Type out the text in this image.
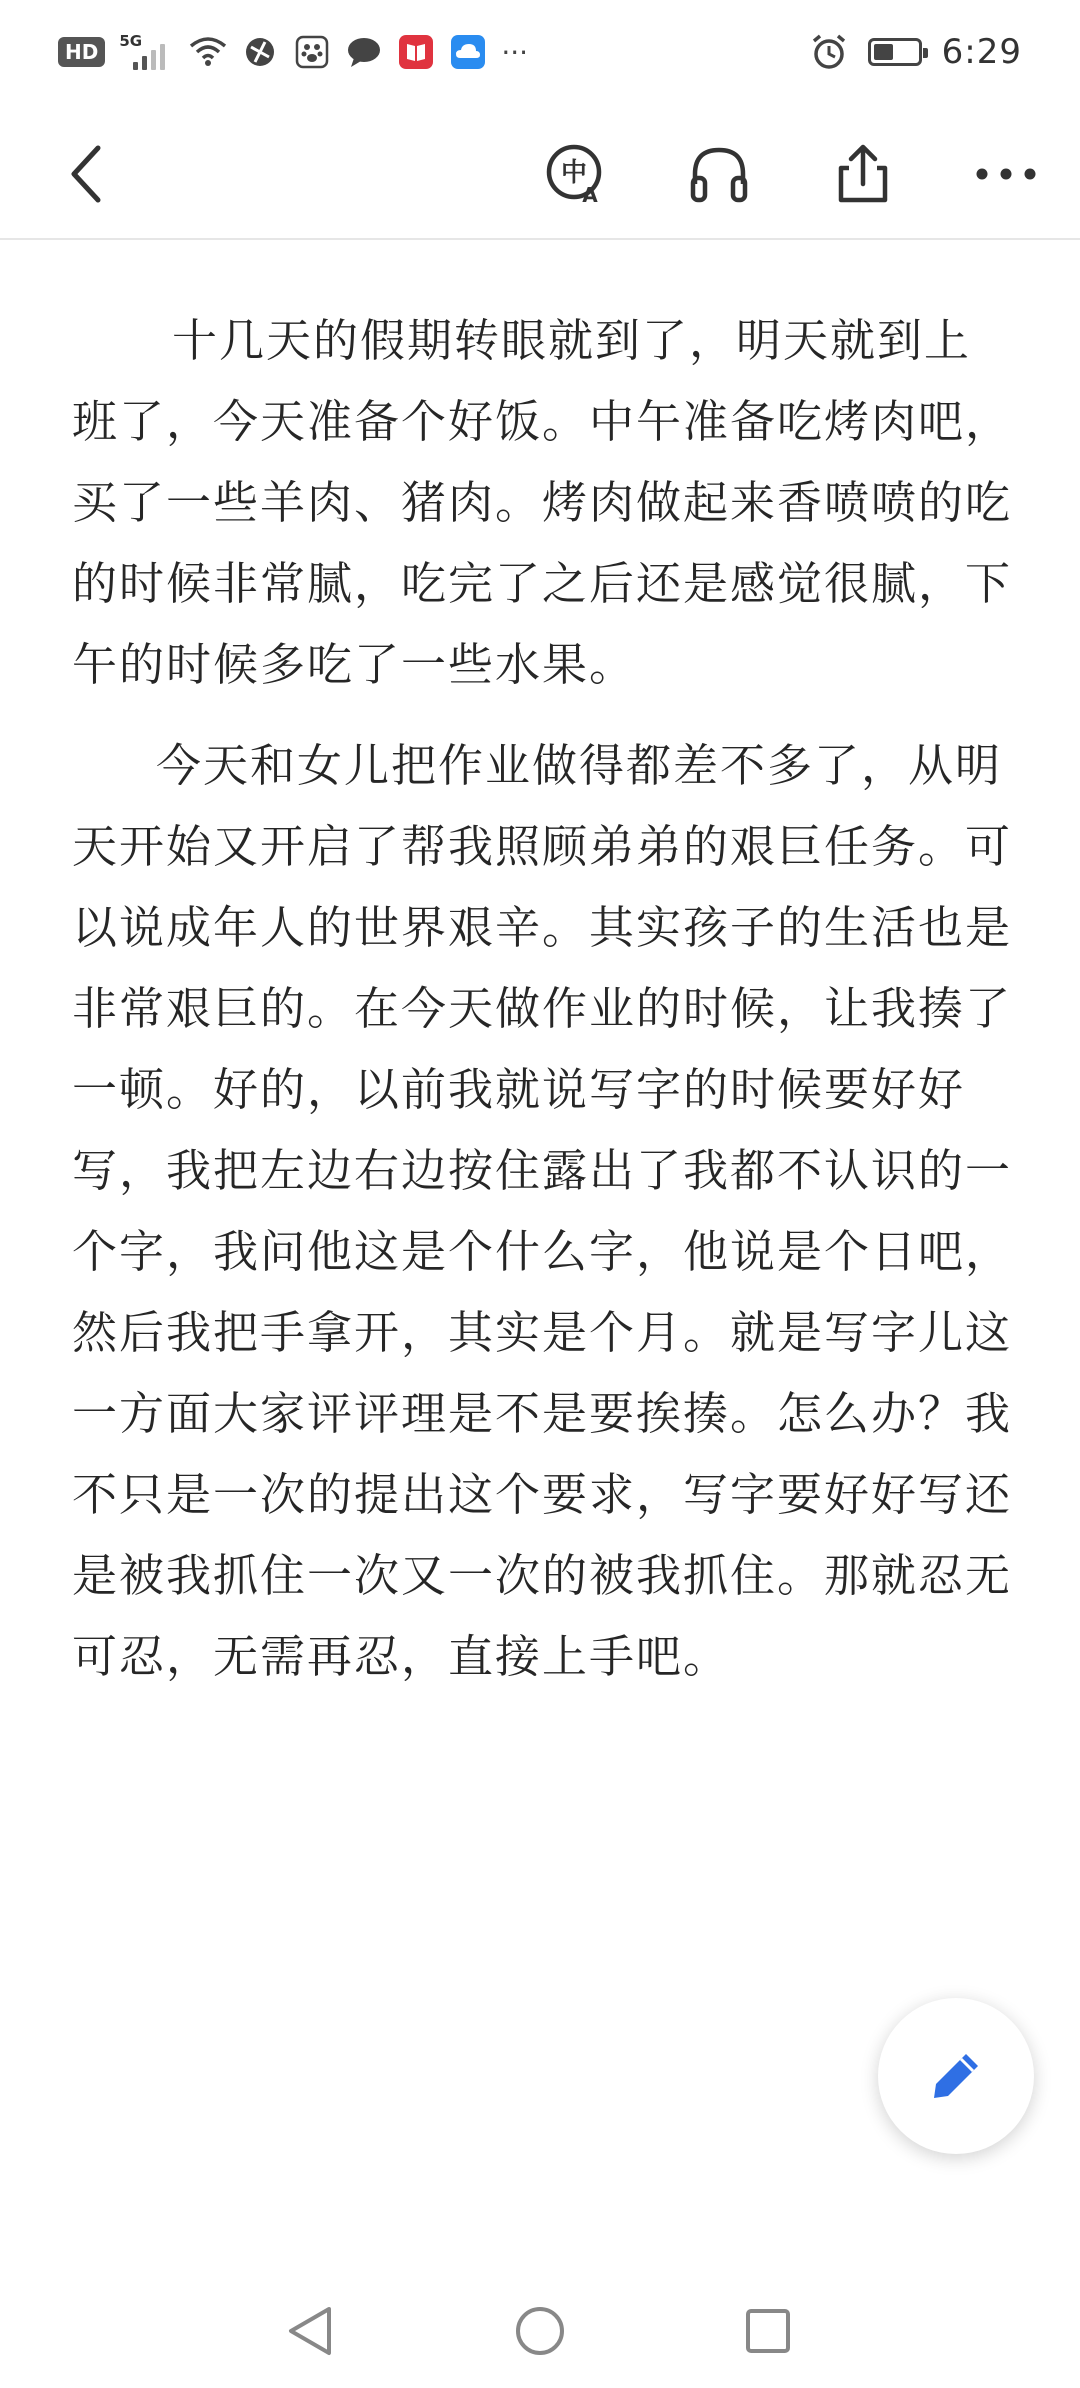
HD	5G	···	6:29
中
A

十几天的假期转眼就到了，明天就到上班了，今天准备个好饭。中午准备吃烤肉吧，买了一些羊肉、猪肉。烤肉做起来香喷喷的吃的时候非常腻，吃完了之后还是感觉很腻，下午的时候多吃了一些水果。

今天和女儿把作业做得都差不多了，从明天开始又开启了帮我照顾弟弟的艰巨任务。可以说成年人的世界艰辛。其实孩子的生活也是非常艰巨的。在今天做作业的时候，让我揍了一顿。好的，以前我就说写字的时候要好好写，我把左边右边按住露出了我都不认识的一个字，我问他这是个什么字，他说是个日吧，然后我把手拿开，其实是个月。就是写字儿这一方面大家评评理是不是要挨揍。怎么办？我不只是一次的提出这个要求，写字要好好写还是被我抓住一次又一次的被我抓住。那就忍无可忍，无需再忍，直接上手吧。
